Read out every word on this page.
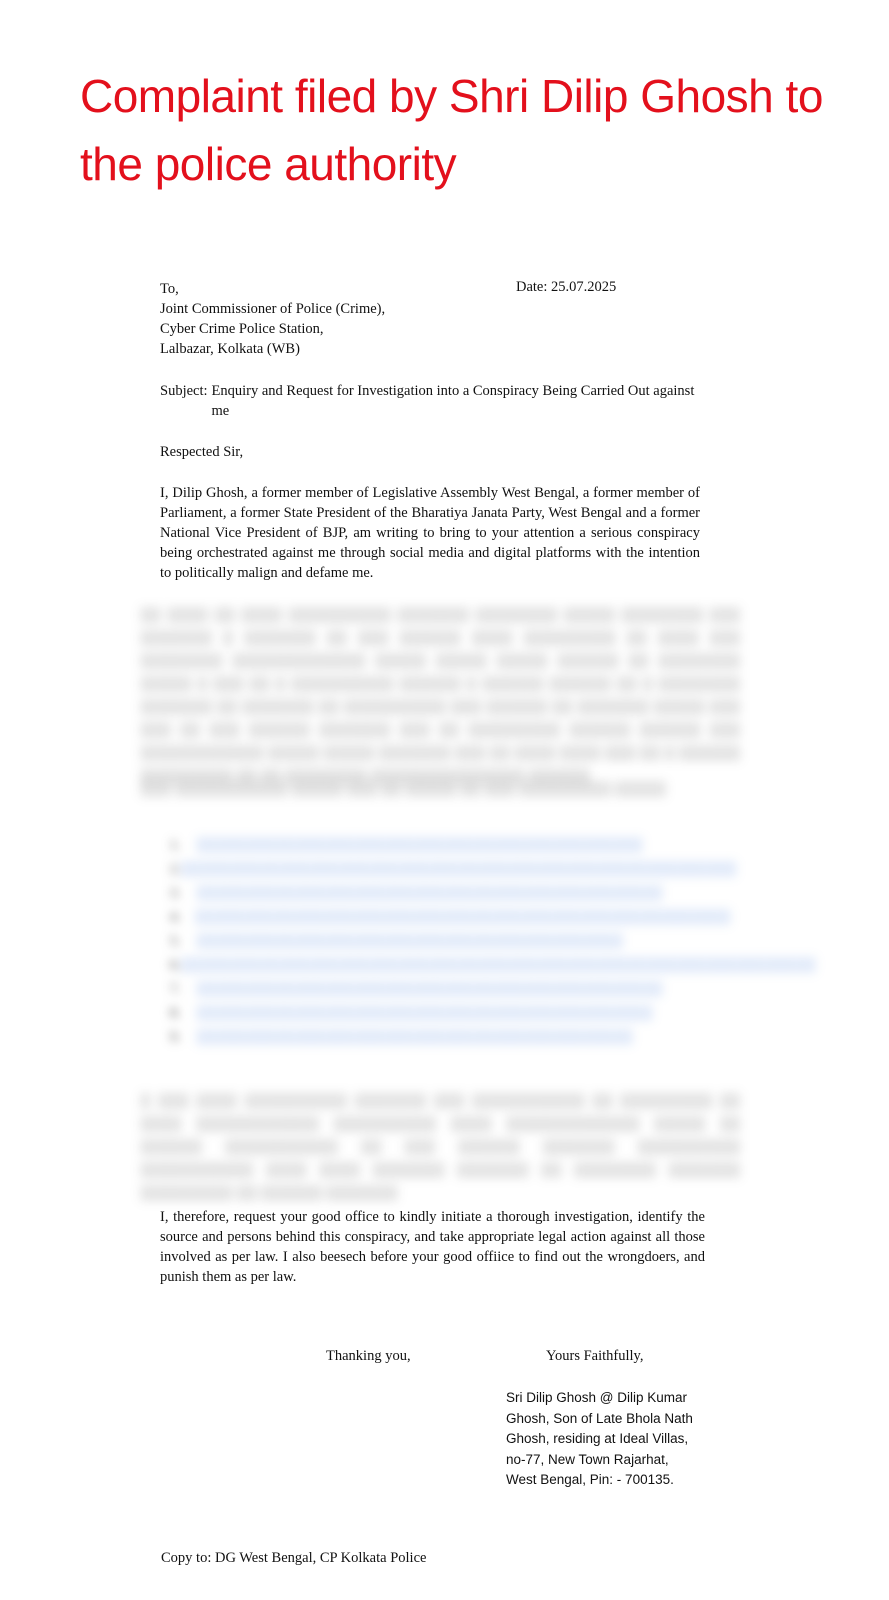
Complaint filed by Shri Dilip Ghosh to the police authority
Date: 25.07.2025
To,
Joint Commissioner of Police (Crime),
Cyber Crime Police Station,
Lalbazar, Kolkata (WB)
Subject: Enquiry and Request for Investigation into a Conspiracy Being Carried Out against me
Respected Sir,
I, Dilip Ghosh, a former member of Legislative Assembly West Bengal, a former member of Parliament, a former State President of the Bharatiya Janata Party, West Bengal and a former National Vice President of BJP, am writing to bring to your attention a serious conspiracy being orchestrated against me through social media and digital platforms with the intention to politically malign and defame me.
░░ ░░░░ ░░ ░░░░ ░░░░░░░░░░ ░░░░░░░ ░░░░░░░░ ░░░░░ ░░░░░░░░ ░░░ ░░░░░░░ ░ ░░░░░░░ ░░ ░░░ ░░░░░░ ░░░░ ░░░░░░░░░ ░░ ░░░░ ░░░ ░░░░░░░░ ░░░░░░░░░░░░░ ░░░░░ ░░░░░ ░░░░░ ░░░░░░ ░░ ░░░░░░░░ ░░░░░ ░ ░░░ ░░ ░ ░░░░░░░░░░ ░░░░░░ ░ ░░░░░░ ░░░░░░ ░░ ░ ░░░░░░░░ ░░░░░░░ ░░ ░░░░░░░ ░░ ░░░░░░░░░░ ░░░ ░░░░░░ ░░ ░░░░░░░ ░░░░░ ░░░ ░░░ ░░ ░░░ ░░░░░░ ░░░░░░░ ░░░ ░░ ░░░░░░░░░ ░░░░░░ ░░░░░░ ░░░ ░░░░░░░░░░░░ ░░░░░ ░░░░░ ░░░░░░░ ░░░ ░░ ░░░░ ░░░░ ░░░ ░░ ░ ░░░░░░ ░░░░░░░░░ ░░ ░░ ░░░░░░░░ ░░░░░░░░░░░░░░░ ░░░░░░
░░░ ░░░░░░░░░░░ ░░░░░ ░░░ ░░ ░░░░░ ░░ ░░░ ░░░░░░░░░ ░░░░░
1.	░░░░░░░░░░░░░░░░░░░░░░░░░░░░░░░░░░░░░░░░░░░░░
2. ░░░░░░░░░░░░░░░░░░░░░░░░░░░░░░░░░░░░░░░░░░░░░░░░░░░░░░░░
3.	░░░░░░░░░░░░░░░░░░░░░░░░░░░░░░░░░░░░░░░░░░░░░░░
4. ░░░░░░░░░░░░░░░░░░░░░░░░░░░░░░░░░░░░░░░░░░░░░░░░░░░░░░
5.	░░░░░░░░░░░░░░░░░░░░░░░░░░░░░░░░░░░░░░░░░░░
6. ░░░░░░░░░░░░░░░░░░░░░░░░░░░░░░░░░░░░░░░░░░░░░░░░░░░░░░░░░░░░░░░░
7.	░░░░░░░░░░░░░░░░░░░░░░░░░░░░░░░░░░░░░░░░░░░░░░░
8.	░░░░░░░░░░░░░░░░░░░░░░░░░░░░░░░░░░░░░░░░░░░░░░
9.	░░░░░░░░░░░░░░░░░░░░░░░░░░░░░░░░░░░░░░░░░░░░
░ ░░░ ░░░░ ░░░░░░░░░░ ░░░░░░░ ░░░ ░░░░░░░░░░░ ░░ ░░░░░░░░░ ░░ ░░░░ ░░░░░░░░░░░░ ░░░░░░░░░░ ░░░░ ░░░░░░░░░░░░░ ░░░░░ ░░ ░░░░░░ ░░░░░░░░░░░ ░░ ░░░ ░░░░░░ ░░░░░░░ ░░░░░░░░░░ ░░░░░░░░░░░ ░░░░ ░░░░ ░░░░░░░ ░░░░░░░ ░░ ░░░░░░░░ ░░░░░░░ ░░░░░░░░░ ░░ ░░░░░░ ░░░░░░░
I, therefore, request your good office to kindly initiate a thorough investigation, identify the source and persons behind this conspiracy, and take appropriate legal action against all those involved as per law. I also beesech before your good offiice to find out the wrongdoers, and punish them as per law.
Thanking you,	Yours Faithfully,
Sri Dilip Ghosh @ Dilip Kumar
Ghosh, Son of Late Bhola Nath
Ghosh, residing at Ideal Villas,
no-77, New Town Rajarhat,
West Bengal, Pin: - 700135.
Copy to: DG West Bengal, CP Kolkata Police
